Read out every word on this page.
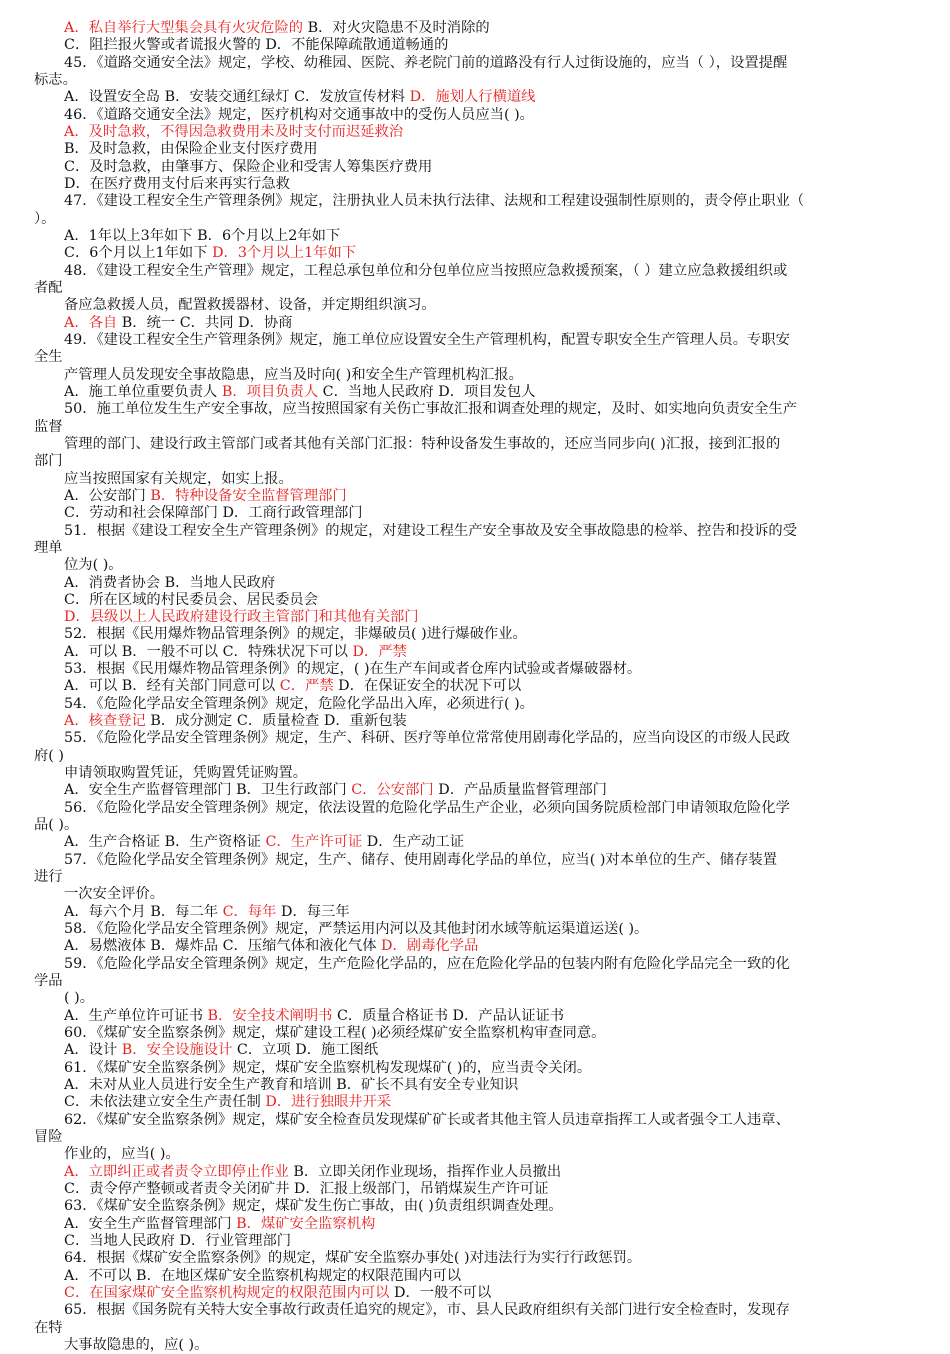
A．私自举行大型集会具有火灾危险的 B．对火灾隐患不及时消除的
C．阻拦报火警或者谎报火警的 D．不能保障疏散通道畅通的
45．《道路交通安全法》规定，学校、幼稚园、医院、养老院门前的道路没有行人过街设施的，应当（ ），设置提醒
标志。
A．设置安全岛 B．安装交通红绿灯 C．发放宣传材料 D．施划人行横道线
46．《道路交通安全法》规定，医疗机构对交通事故中的受伤人员应当( )。
A．及时急救，不得因急救费用未及时支付而迟延救治
B．及时急救，由保险企业支付医疗费用
C．及时急救，由肇事方、保险企业和受害人筹集医疗费用
D．在医疗费用支付后来再实行急救
47．《建设工程安全生产管理条例》规定，注册执业人员未执行法律、法规和工程建设强制性原则的，责令停止职业（
）。
A．1年以上3年如下 B．6个月以上2年如下
C．6个月以上1年如下 D．3个月以上1年如下
48．《建设工程安全生产管理》规定，工程总承包单位和分包单位应当按照应急救援预案，（ ）建立应急救援组织或
者配
备应急救援人员，配置救援器材、设备，并定期组织演习。
A．各自 B．统一 C．共同 D．协商
49．《建设工程安全生产管理条例》规定，施工单位应设置安全生产管理机构，配置专职安全生产管理人员。专职安
全生
产管理人员发现安全事故隐患，应当及时向( )和安全生产管理机构汇报。
A．施工单位重要负责人 B．项目负责人 C．当地人民政府 D．项目发包人
50．施工单位发生生产安全事故，应当按照国家有关伤亡事故汇报和调查处理的规定，及时、如实地向负责安全生产
监督
管理的部门、建设行政主管部门或者其他有关部门汇报：特种设备发生事故的，还应当同步向( )汇报，接到汇报的
部门
应当按照国家有关规定，如实上报。
A．公安部门 B．特种设备安全监督管理部门
C．劳动和社会保障部门 D．工商行政管理部门
51．根据《建设工程安全生产管理条例》的规定，对建设工程生产安全事故及安全事故隐患的检举、控告和投诉的受
理单
位为( )。
A．消费者协会 B．当地人民政府
C．所在区域的村民委员会、居民委员会
D．县级以上人民政府建设行政主管部门和其他有关部门
52．根据《民用爆炸物品管理条例》的规定，非爆破员( )进行爆破作业。
A．可以 B．一般不可以 C．特殊状况下可以 D．严禁
53．根据《民用爆炸物品管理条例》的规定，( )在生产车间或者仓库内试验或者爆破器材。
A．可以 B．经有关部门同意可以 C．严禁 D．在保证安全的状况下可以
54．《危险化学品安全管理条例》规定，危险化学品出入库，必须进行( )。
A．核查登记 B．成分测定 C．质量检查 D．重新包装
55．《危险化学品安全管理条例》规定，生产、科研、医疗等单位常常使用剧毒化学品的，应当向设区的市级人民政
府( )
申请领取购置凭证，凭购置凭证购置。
A．安全生产监督管理部门 B．卫生行政部门 C．公安部门 D．产品质量监督管理部门
56．《危险化学品安全管理条例》规定，依法设置的危险化学品生产企业，必须向国务院质检部门申请领取危险化学
品( )。
A．生产合格证 B．生产资格证 C．生产许可证 D．生产动工证
57．《危险化学品安全管理条例》规定，生产、储存、使用剧毒化学品的单位，应当( )对本单位的生产、储存装置
进行
一次安全评价。
A．每六个月 B．每二年 C．每年 D．每三年
58．《危险化学品安全管理条例》规定，严禁运用内河以及其他封闭水域等航运渠道运送( )。
A．易燃液体 B．爆炸品 C．压缩气体和液化气体 D．剧毒化学品
59．《危险化学品安全管理条例》规定，生产危险化学品的，应在危险化学品的包装内附有危险化学品完全一致的化
学品
( )。
A．生产单位许可证书 B．安全技术阐明书 C．质量合格证书 D．产品认证证书
60．《煤矿安全监察条例》规定，煤矿建设工程( )必须经煤矿安全监察机构审查同意。
A．设计 B．安全设施设计 C．立项 D．施工图纸
61．《煤矿安全监察条例》规定，煤矿安全监察机构发现煤矿( )的，应当责令关闭。
A．未对从业人员进行安全生产教育和培训 B．矿长不具有安全专业知识
C．未依法建立安全生产责任制 D．进行独眼井开采
62．《煤矿安全监察条例》规定，煤矿安全检查员发现煤矿矿长或者其他主管人员违章指挥工人或者强令工人违章、
冒险
作业的，应当( )。
A．立即纠正或者责令立即停止作业 B．立即关闭作业现场，指挥作业人员撤出
C．责令停产整顿或者责令关闭矿井 D．汇报上级部门，吊销煤炭生产许可证
63．《煤矿安全监察条例》规定，煤矿发生伤亡事故，由( )负责组织调查处理。
A．安全生产监督管理部门 B．煤矿安全监察机构
C．当地人民政府 D．行业管理部门
64．根据《煤矿安全监察条例》的规定，煤矿安全监察办事处( )对违法行为实行行政惩罚。
A．不可以 B．在地区煤矿安全监察机构规定的权限范围内可以
C．在国家煤矿安全监察机构规定的权限范围内可以 D．一般不可以
65．根据《国务院有关特大安全事故行政责任追究的规定》，市、县人民政府组织有关部门进行安全检查时，发现存
在特
大事故隐患的，应( )。
